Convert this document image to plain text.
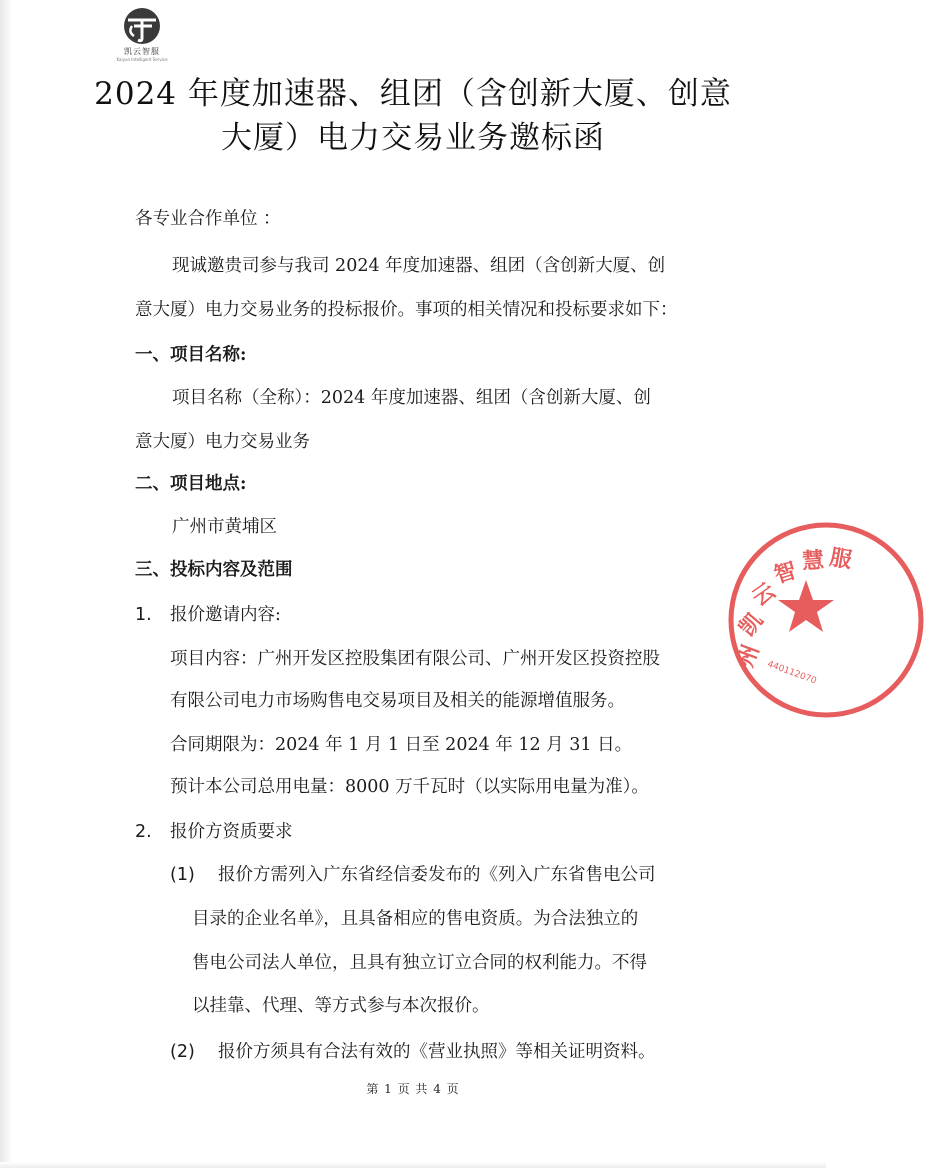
凯云智服
Kaiyun Intelligent Service
2024 年度加速器、组团（含创新大厦、创意
大厦）电力交易业务邀标函
各专业合作单位 ：
现诚邀贵司参与我司 2024 年度加速器、组团（含创新大厦、创
意大厦）电力交易业务的投标报价。事项的相关情况和投标要求如下：
一、项目名称:
项目名称（全称）：2024 年度加速器、组团（含创新大厦、创
意大厦）电力交易业务
二、项目地点:
广州市黄埔区
三、投标内容及范围
1. 报价邀请内容:
项目内容：广州开发区控股集团有限公司、广州开发区投资控股
有限公司电力市场购售电交易项目及相关的能源增值服务。
合同期限为：2024 年 1 月 1 日至 2024 年 12 月 31 日。
预计本公司总用电量：8000 万千瓦时（以实际用电量为准）。
2. 报价方资质要求
(1) 报价方需列入广东省经信委发布的《列入广东省售电公司
目录的企业名单》，且具备相应的售电资质。为合法独立的
售电公司法人单位，且具有独立订立合同的权利能力。不得
以挂靠、代理、等方式参与本次报价。
(2) 报价方须具有合法有效的《营业执照》等相关证明资料。
第 1 页 共 4 页
州
凯
云
智 慧 服
440112070
